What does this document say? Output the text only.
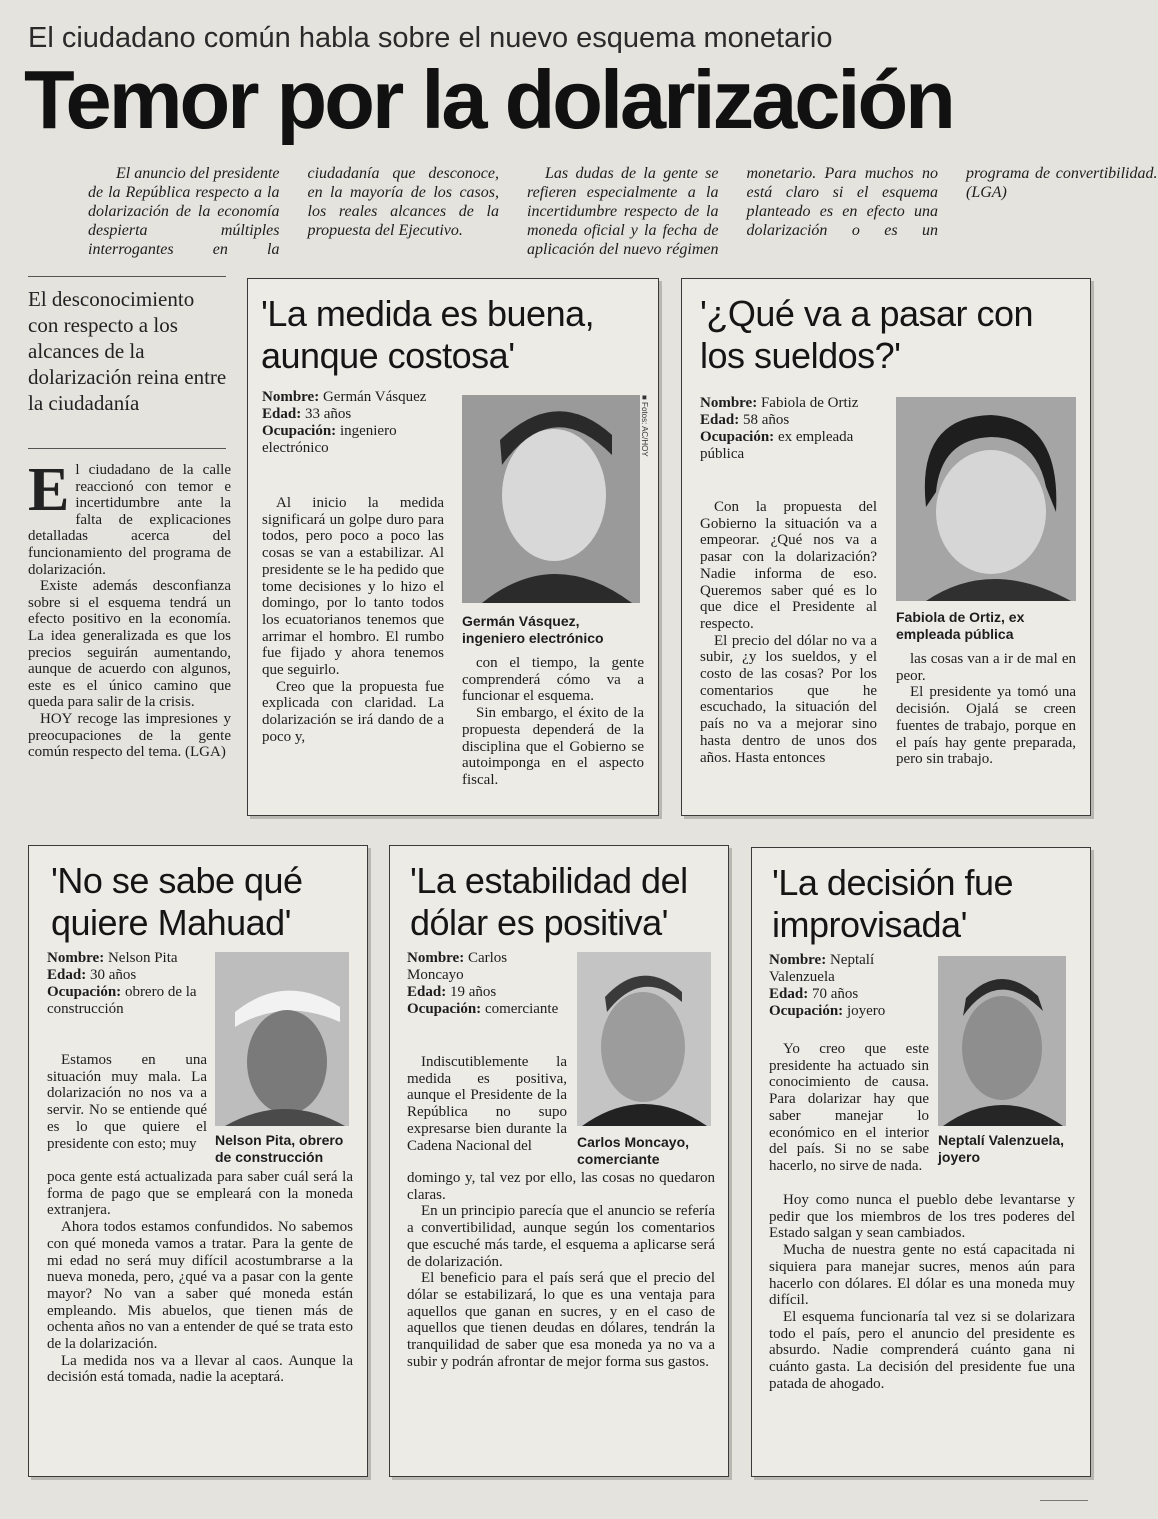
El ciudadano común habla sobre el nuevo esquema monetario
Temor por la dolarización

El anuncio del presidente de la República respecto a la dolarización de la economía despierta múltiples interrogantes en la ciudadanía que desconoce, en la mayoría de los casos, los reales alcances de la propuesta del Ejecutivo.

Las dudas de la gente se refieren especialmente a la incertidumbre respecto de la moneda oficial y la fecha de aplicación del nuevo régimen monetario. Para muchos no está claro si el esquema planteado es en efecto una dolarización o es un programa de convertibilidad. (LGA)

El desconocimiento con respecto a los alcances de la dolarización reina entre la ciudadanía

El ciudadano de la calle reaccionó con temor e incertidumbre ante la falta de explicaciones detalladas acerca del funcionamiento del programa de dolarización.

Existe además desconfianza sobre si el esquema tendrá un efecto positivo en la economía. La idea generalizada es que los precios seguirán aumentando, aunque de acuerdo con algunos, este es el único camino que queda para salir de la crisis.

HOY recoge las impresiones y preocupaciones de la gente común respecto del tema. (LGA)

'La medida es buena, aunque costosa'
Nombre: Germán Vásquez
Edad: 33 años
Ocupación: ingeniero electrónico

Al inicio la medida significará un golpe duro para todos, pero poco a poco las cosas se van a estabilizar. Al presidente se le ha pedido que tome decisiones y lo hizo el domingo, por lo tanto todos los ecuatorianos tenemos que arrimar el hombro. El rumbo fue fijado y ahora tenemos que seguirlo.

Creo que la propuesta fue explicada con claridad. La dolarización se irá dando de a poco y,

■ Fotos: AC/HOY
Germán Vásquez, ingeniero electrónico

con el tiempo, la gente comprenderá cómo va a funcionar el esquema.

Sin embargo, el éxito de la propuesta dependerá de la disciplina que el Gobierno se autoimponga en el aspecto fiscal.

'¿Qué va a pasar con los sueldos?'
Nombre: Fabiola de Ortiz
Edad: 58 años
Ocupación: ex empleada pública

Con la propuesta del Gobierno la situación va a empeorar. ¿Qué nos va a pasar con la dolarización? Nadie informa de eso. Queremos saber qué es lo que dice el Presidente al respecto.

El precio del dólar no va a subir, ¿y los sueldos, y el costo de las cosas? Por los comentarios que he escuchado, la situación del país no va a mejorar sino hasta dentro de unos dos años. Hasta entonces

Fabiola de Ortiz, ex empleada pública

las cosas van a ir de mal en peor.

El presidente ya tomó una decisión. Ojalá se creen fuentes de trabajo, porque en el país hay gente preparada, pero sin trabajo.

'No se sabe qué quiere Mahuad'
Nombre: Nelson Pita
Edad: 30 años
Ocupación: obrero de la construcción

Estamos en una situación muy mala. La dolarización no nos va a servir. No se entiende qué es lo que quiere el presidente con esto; muy	Nelson Pita, obrero de construcción

poca gente está actualizada para saber cuál será la forma de pago que se empleará con la moneda extranjera.

Ahora todos estamos confundidos. No sabemos con qué moneda vamos a tratar. Para la gente de mi edad no será muy difícil acostumbrarse a la nueva moneda, pero, ¿qué va a pasar con la gente mayor? No van a saber qué moneda están empleando. Mis abuelos, que tienen más de ochenta años no van a entender de qué se trata esto de la dolarización.

La medida nos va a llevar al caos. Aunque la decisión está tomada, nadie la aceptará.

'La estabilidad del dólar es positiva'
Nombre: Carlos Moncayo
Edad: 19 años
Ocupación: comerciante

Indiscutiblemente la medida es positiva, aunque el Presidente de la República no supo expresarse bien durante la Cadena Nacional del	Carlos Moncayo, comerciante

domingo y, tal vez por ello, las cosas no quedaron claras.

En un principio parecía que el anuncio se refería a convertibilidad, aunque según los comentarios que escuché más tarde, el esquema a aplicarse será de dolarización.

El beneficio para el país será que el precio del dólar se estabilizará, lo que es una ventaja para aquellos que ganan en sucres, y en el caso de aquellos que tienen deudas en dólares, tendrán la tranquilidad de saber que esa moneda ya no va a subir y podrán afrontar de mejor forma sus gastos.

'La decisión fue improvisada'
Nombre: Neptalí Valenzuela
Edad: 70 años
Ocupación: joyero

Yo creo que este presidente ha actuado sin conocimiento de causa. Para dolarizar hay que saber manejar lo económico en el interior del país. Si no se sabe hacerlo, no sirve de nada.

Neptalí Valenzuela, joyero

Hoy como nunca el pueblo debe levantarse y pedir que los miembros de los tres poderes del Estado salgan y sean cambiados.

Mucha de nuestra gente no está capacitada ni siquiera para manejar sucres, menos aún para hacerlo con dólares. El dólar es una moneda muy difícil.

El esquema funcionaría tal vez si se dolarizara todo el país, pero el anuncio del presidente es absurdo. Nadie comprenderá cuánto gana ni cuánto gasta. La decisión del presidente fue una patada de ahogado.
